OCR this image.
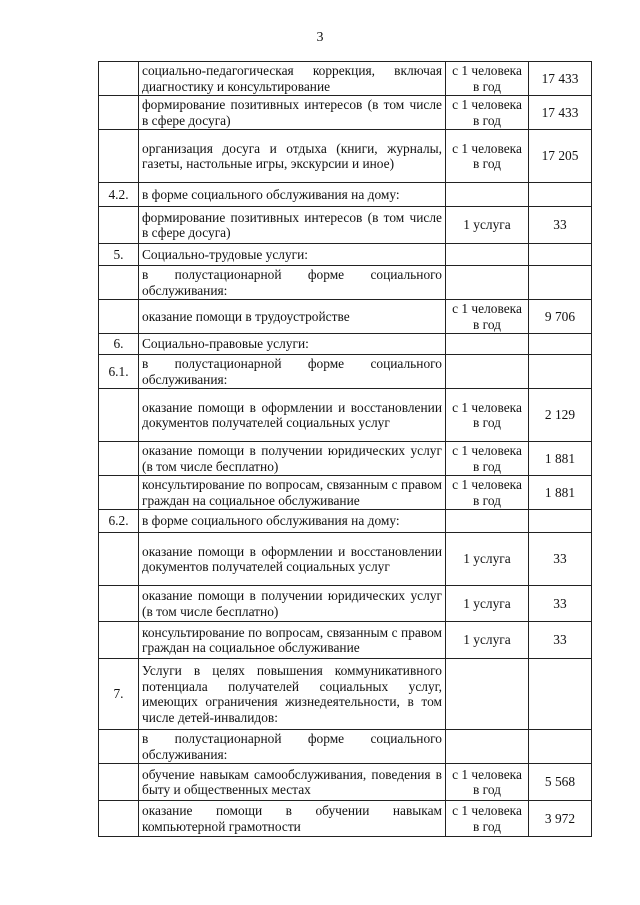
3
	социально-педагогическая коррекция, включая диагностику и консультирование	с 1 человека в год	17 433
	формирование позитивных интересов (в том числе в сфере досуга)	с 1 человека в год	17 433
	организация досуга и отдыха (книги, журналы, газеты, настольные игры, экскурсии и иное)	с 1 человека в год	17 205
4.2.	в форме социального обслуживания на дому:		
	формирование позитивных интересов (в том числе в сфере досуга)	1 услуга	33
5.	Социально-трудовые услуги:		
	в полустационарной форме социального обслуживания:		
	оказание помощи в трудоустройстве	с 1 человека в год	9 706
6.	Социально-правовые услуги:		
6.1.	в полустационарной форме социального обслуживания:		
	оказание помощи в оформлении и восстановлении документов получателей социальных услуг	с 1 человека в год	2 129
	оказание помощи в получении юридических услуг (в том числе бесплатно)	с 1 человека в год	1 881
	консультирование по вопросам, связанным с правом граждан на социальное обслуживание	с 1 человека в год	1 881
6.2.	в форме социального обслуживания на дому:		
	оказание помощи в оформлении и восстановлении документов получателей социальных услуг	1 услуга	33
	оказание помощи в получении юридических услуг (в том числе бесплатно)	1 услуга	33
	консультирование по вопросам, связанным с правом граждан на социальное обслуживание	1 услуга	33
7.	Услуги в целях повышения коммуникативного потенциала получателей социальных услуг, имеющих ограничения жизнедеятельности, в том числе детей-инвалидов:		
	в полустационарной форме социального обслуживания:		
	обучение навыкам самообслуживания, поведения в быту и общественных местах	с 1 человека в год	5 568
	оказание помощи в обучении навыкам компьютерной грамотности	с 1 человека в год	3 972
